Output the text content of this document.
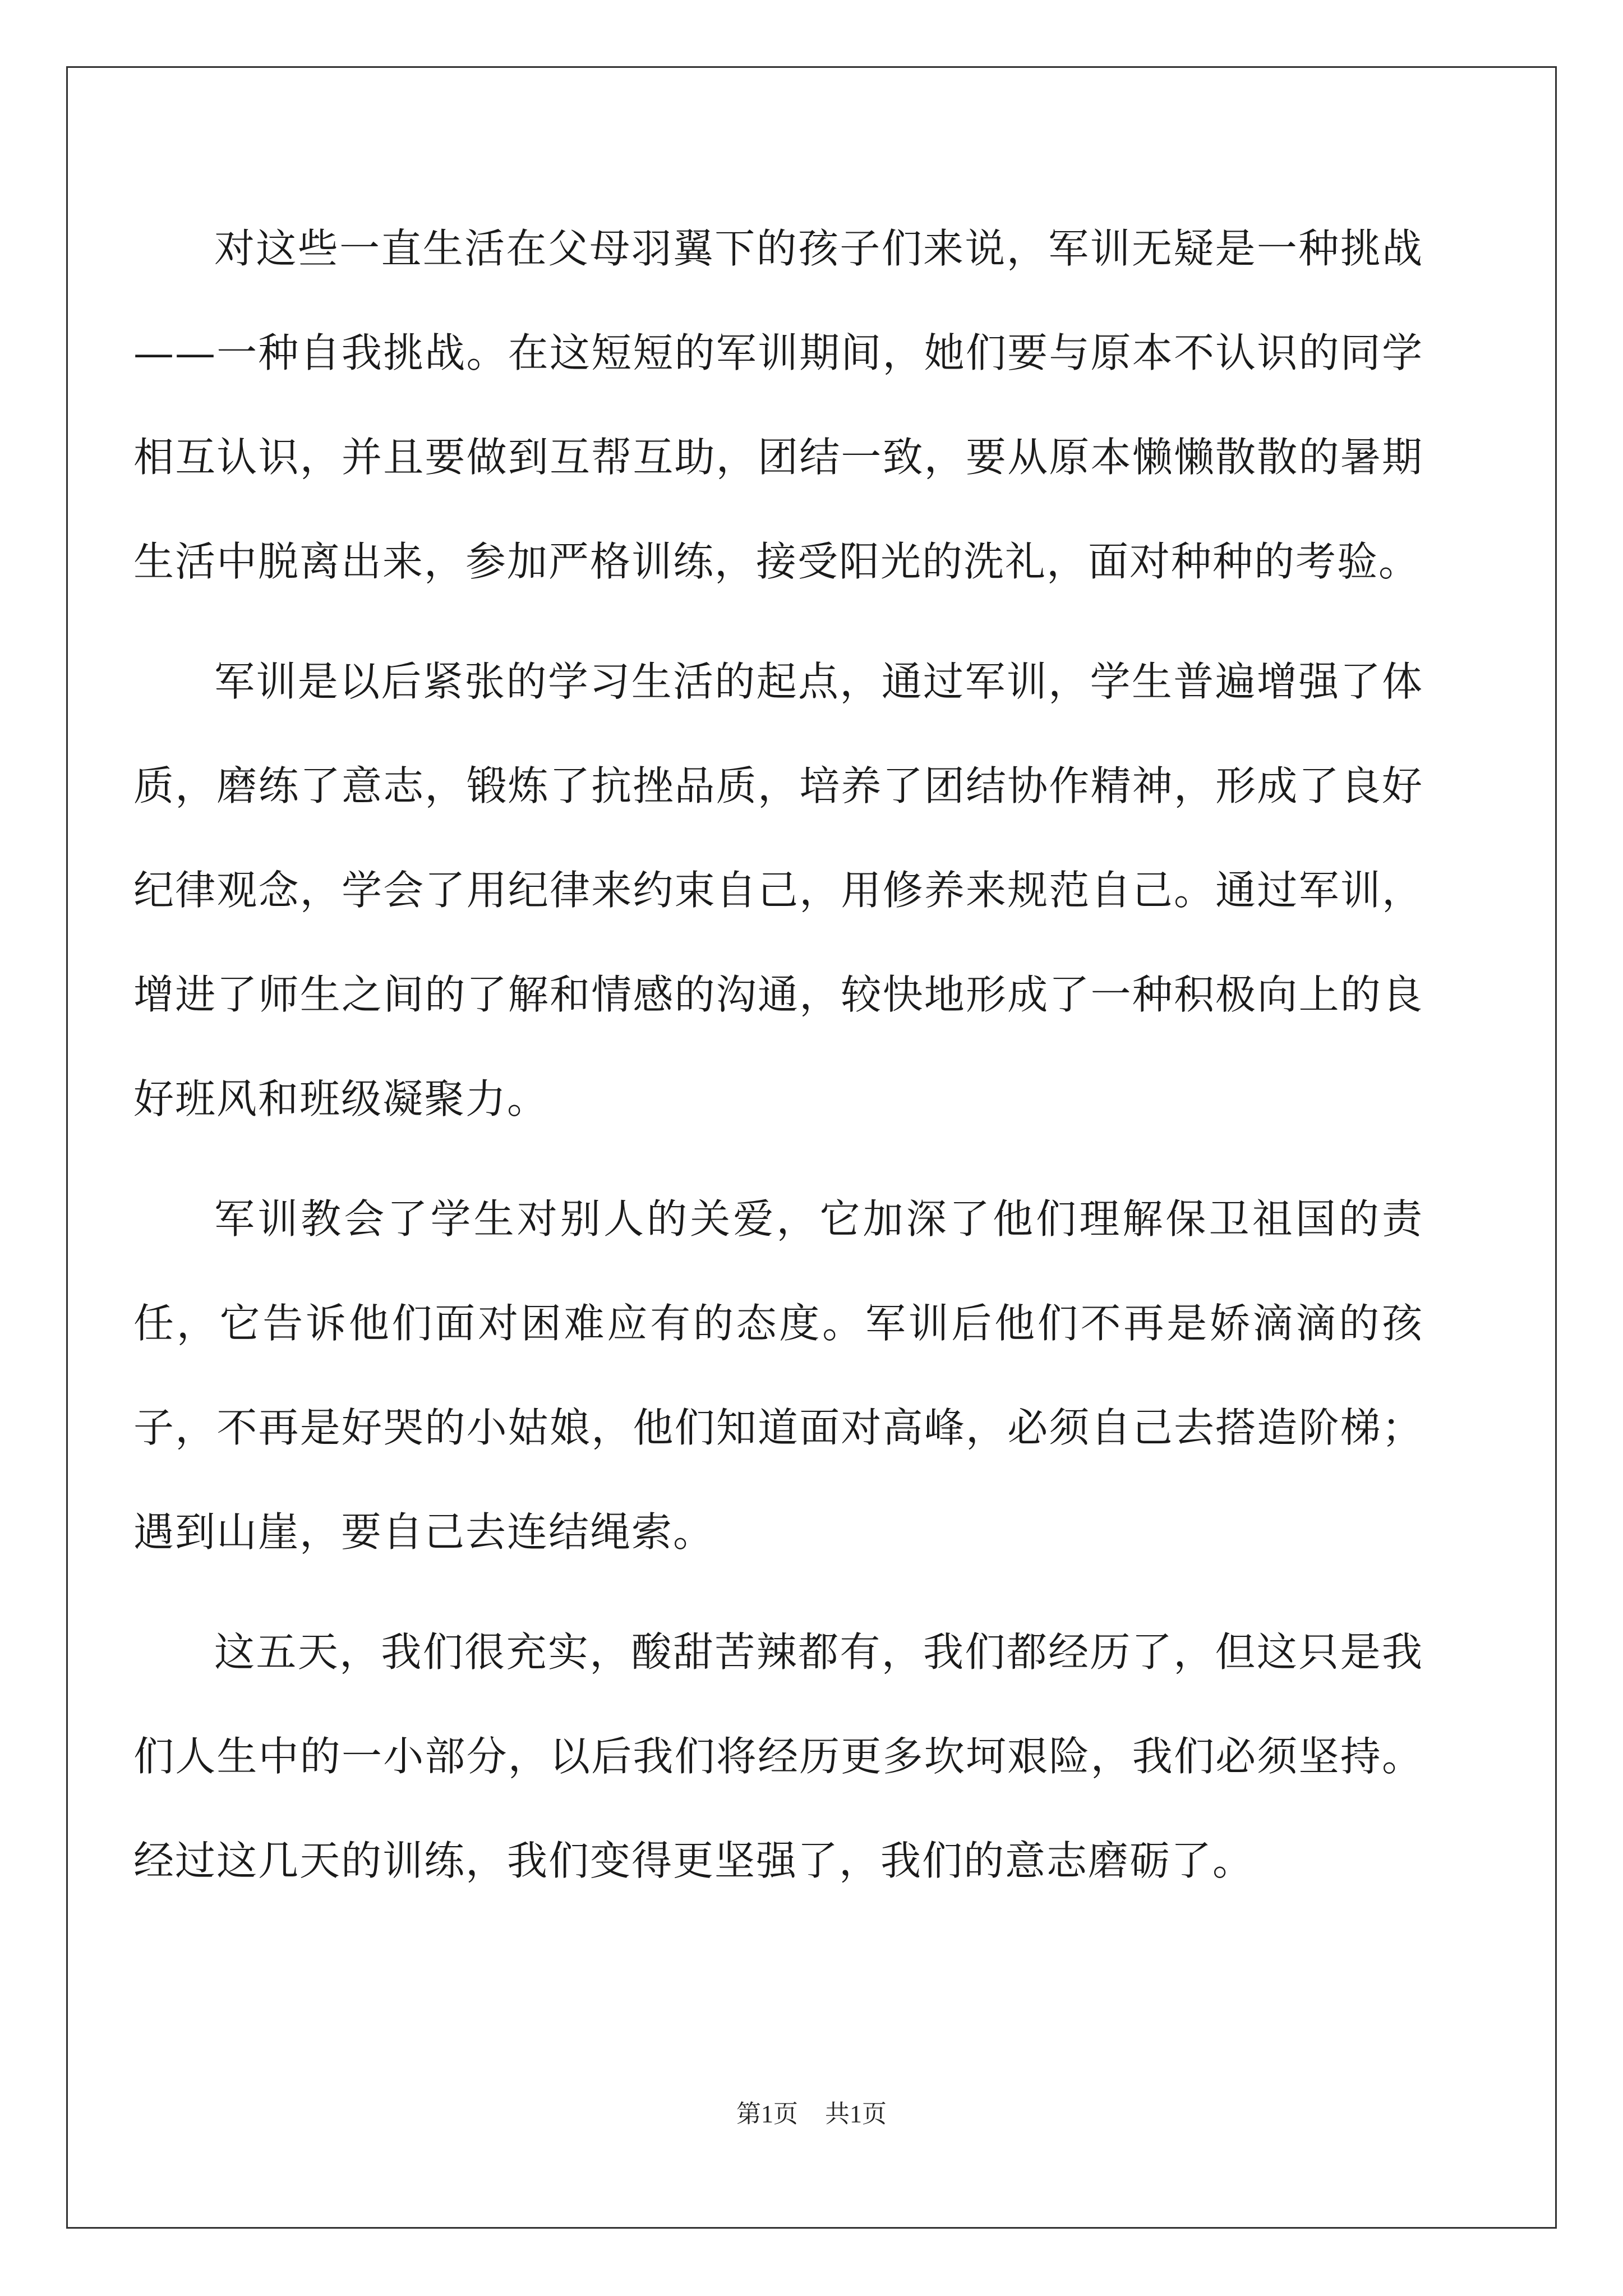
对这些一直生活在父母羽翼下的孩子们来说，军训无疑是一种挑战——一种自我挑战。在这短短的军训期间，她们要与原本不认识的同学相互认识，并且要做到互帮互助，团结一致，要从原本懒懒散散的暑期生活中脱离出来，参加严格训练，接受阳光的洗礼，面对种种的考验。

军训是以后紧张的学习生活的起点，通过军训，学生普遍增强了体质，磨练了意志，锻炼了抗挫品质，培养了团结协作精神，形成了良好纪律观念，学会了用纪律来约束自己，用修养来规范自己。通过军训，增进了师生之间的了解和情感的沟通，较快地形成了一种积极向上的良好班风和班级凝聚力。

军训教会了学生对别人的关爱，它加深了他们理解保卫祖国的责任，它告诉他们面对困难应有的态度。军训后他们不再是娇滴滴的孩子，不再是好哭的小姑娘，他们知道面对高峰，必须自己去搭造阶梯；遇到山崖，要自己去连结绳索。

这五天，我们很充实，酸甜苦辣都有，我们都经历了，但这只是我们人生中的一小部分，以后我们将经历更多坎坷艰险，我们必须坚持。经过这几天的训练，我们变得更坚强了，我们的意志磨砺了。

第1页 共1页
